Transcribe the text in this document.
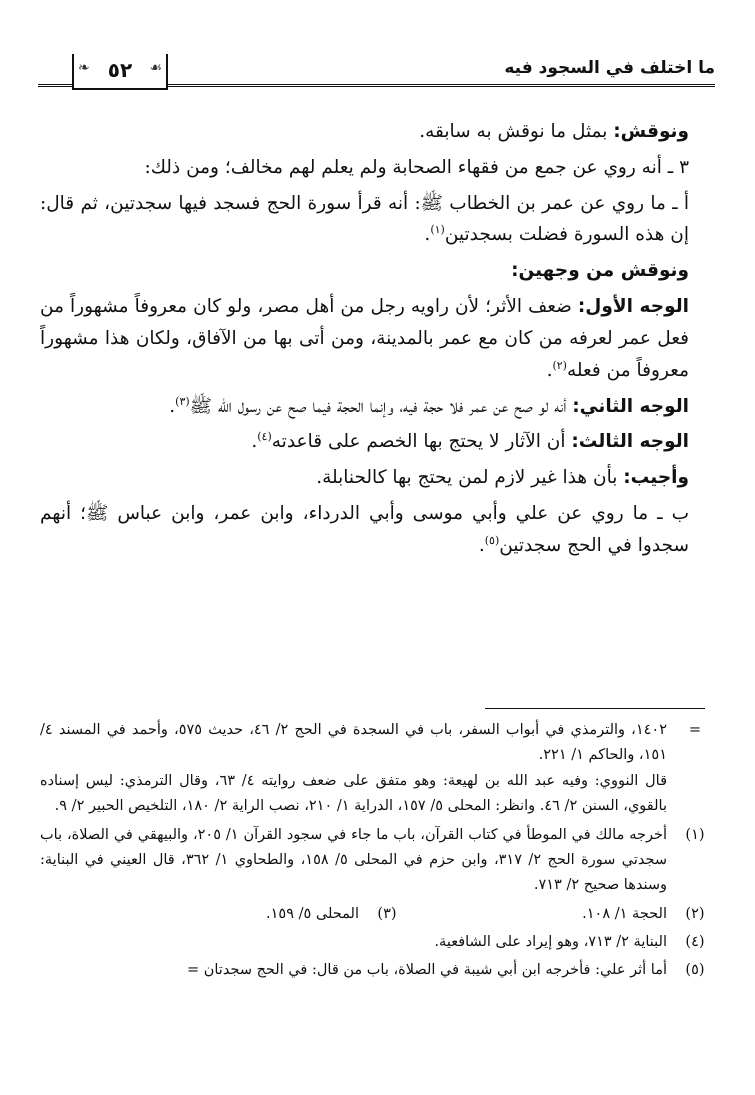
ما اختلف في السجود فيه
❧ ٥٢	☙

ونوقش: بمثل ما نوقش به سابقه.

٣ ـ أنه روي عن جمع من فقهاء الصحابة ولم يعلم لهم مخالف؛ ومن ذلك:

أ ـ ما روي عن عمر بن الخطاب ﷺ: أنه قرأ سورة الحج فسجد فيها سجدتين، ثم قال: إن هذه السورة فضلت بسجدتين$^{(١)}$.

ونوقش من وجهين:

الوجه الأول: ضعف الأثر؛ لأن راويه رجل من أهل مصر، ولو كان معروفاً مشهوراً من فعل عمر لعرفه من كان مع عمر بالمدينة، ومن أتى بها من الآفاق، ولكان هذا مشهوراً معروفاً من فعله$^{(٢)}$.

الوجه الثاني: أنه لو صح عن عمر فلا حجة فيه، وإنما الحجة فيما صح عن رسول الله ﷺ$^{(٣)}$.

الوجه الثالث: أن الآثار لا يحتج بها الخصم على قاعدته$^{(٤)}$.

وأجيب: بأن هذا غير لازم لمن يحتج بها كالحنابلة.

ب ـ ما روي عن علي وأبي موسى وأبي الدرداء، وابن عمر، وابن عباس ﷺ؛ أنهم سجدوا في الحج سجدتين$^{(٥)}$.

=
١٤٠٢، والترمذي في أبواب السفر، باب في السجدة في الحج ٢/ ٤٦، حديث ٥٧٥، وأحمد في المسند ٤/ ١٥١، والحاكم ١/ ٢٢١.
قال النووي: وفيه عبد الله بن لهيعة: وهو متفق على ضعف روايته ٤/ ٦٣، وقال الترمذي: ليس إسناده بالقوي، السنن ٢/ ٤٦. وانظر: المحلى ٥/ ١٥٧، الدراية ١/ ٢١٠، نصب الراية ٢/ ١٨٠، التلخيص الحبير ٢/ ٩.
(١)
أخرجه مالك في الموطأ في كتاب القرآن، باب ما جاء في سجود القرآن ١/ ٢٠٥، والبيهقي في الصلاة، باب سجدتي سورة الحج ٢/ ٣١٧، وابن حزم في المحلى ٥/ ١٥٨، والطحاوي ١/ ٣٦٢، قال العيني في البناية: وسندها صحيح ٢/ ٧١٣.
(٢)
الحجة ١/ ١٠٨.
(٣)
المحلى ٥/ ١٥٩.
(٤)
البناية ٢/ ٧١٣، وهو إيراد على الشافعية.
(٥)
أما أثر علي: فأخرجه ابن أبي شيبة في الصلاة، باب من قال: في الحج سجدتان =
